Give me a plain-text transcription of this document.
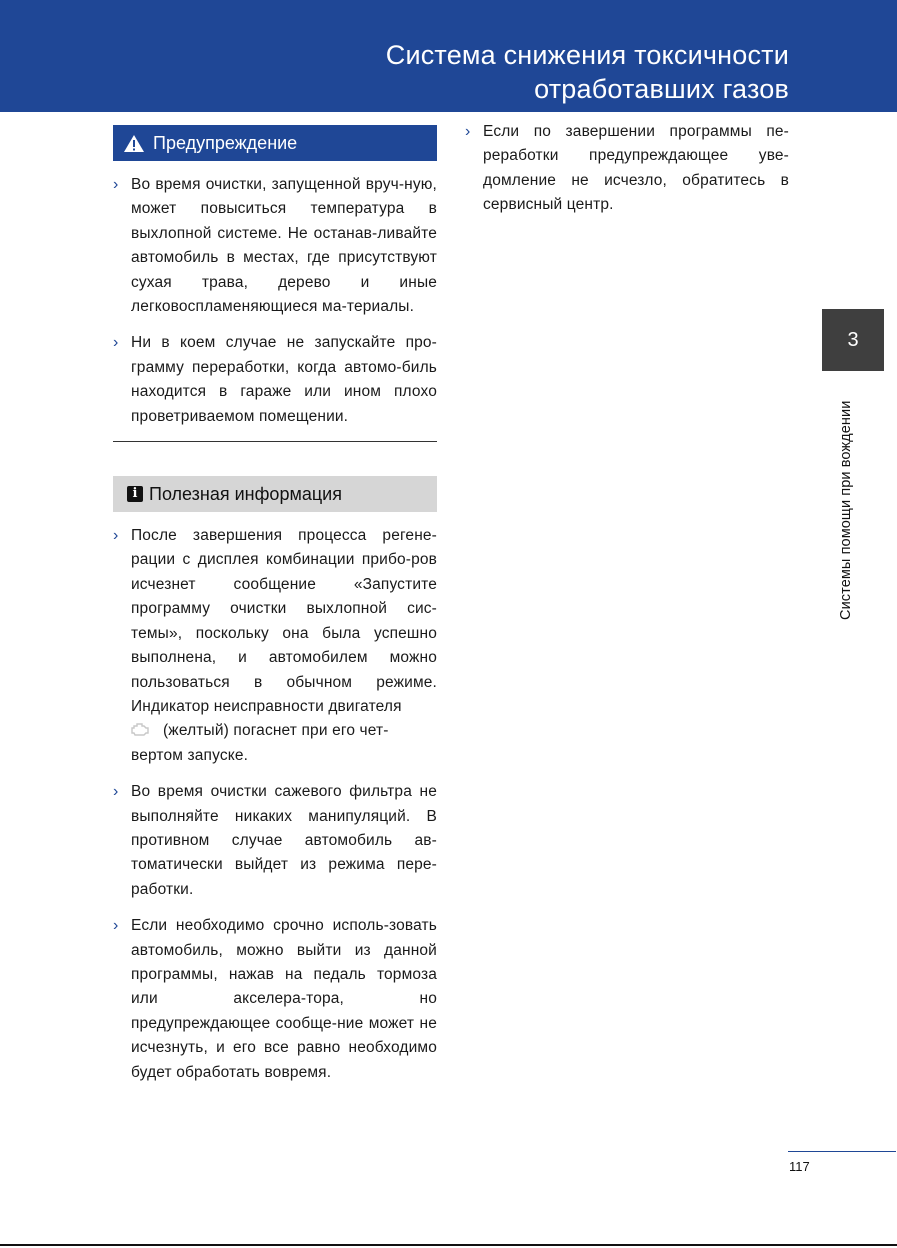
Система снижения токсичности
отработавших газов
Предупреждение
› Во время очистки, запущенной вруч-ную, может повыситься температура в выхлопной системе. Не останав-ливайте автомобиль в местах, где присутствуют сухая трава, дерево и иные легковоспламеняющиеся ма-териалы.

› Ни в коем случае не запускайте про-грамму переработки, когда автомо-биль находится в гараже или ином плохо проветриваемом помещении.

i Полезная информация
› После завершения процесса регене-рации с дисплея комбинации прибо-ров исчезнет сообщение «Запустите программу очистки выхлопной сис-темы», поскольку она была успешно выполнена, и автомобилем можно пользоваться в обычном режиме. Индикатор неисправности двигателя
(желтый) погаснет при его чет-вертом запуске.

› Во время очистки сажевого фильтра не выполняйте никаких манипуляций. В противном случае автомобиль ав-томатически выйдет из режима пере-работки.

› Если необходимо срочно исполь-зовать автомобиль, можно выйти из данной программы, нажав на педаль тормоза или акселера-тора, но предупреждающее сообще-ние может не исчезнуть, и его все равно необходимо будет обработать вовремя.

› Если по завершении программы пе-реработки предупреждающее уве-домление не исчезло, обратитесь в сервисный центр.

3
Системы помощи при вождении
117
